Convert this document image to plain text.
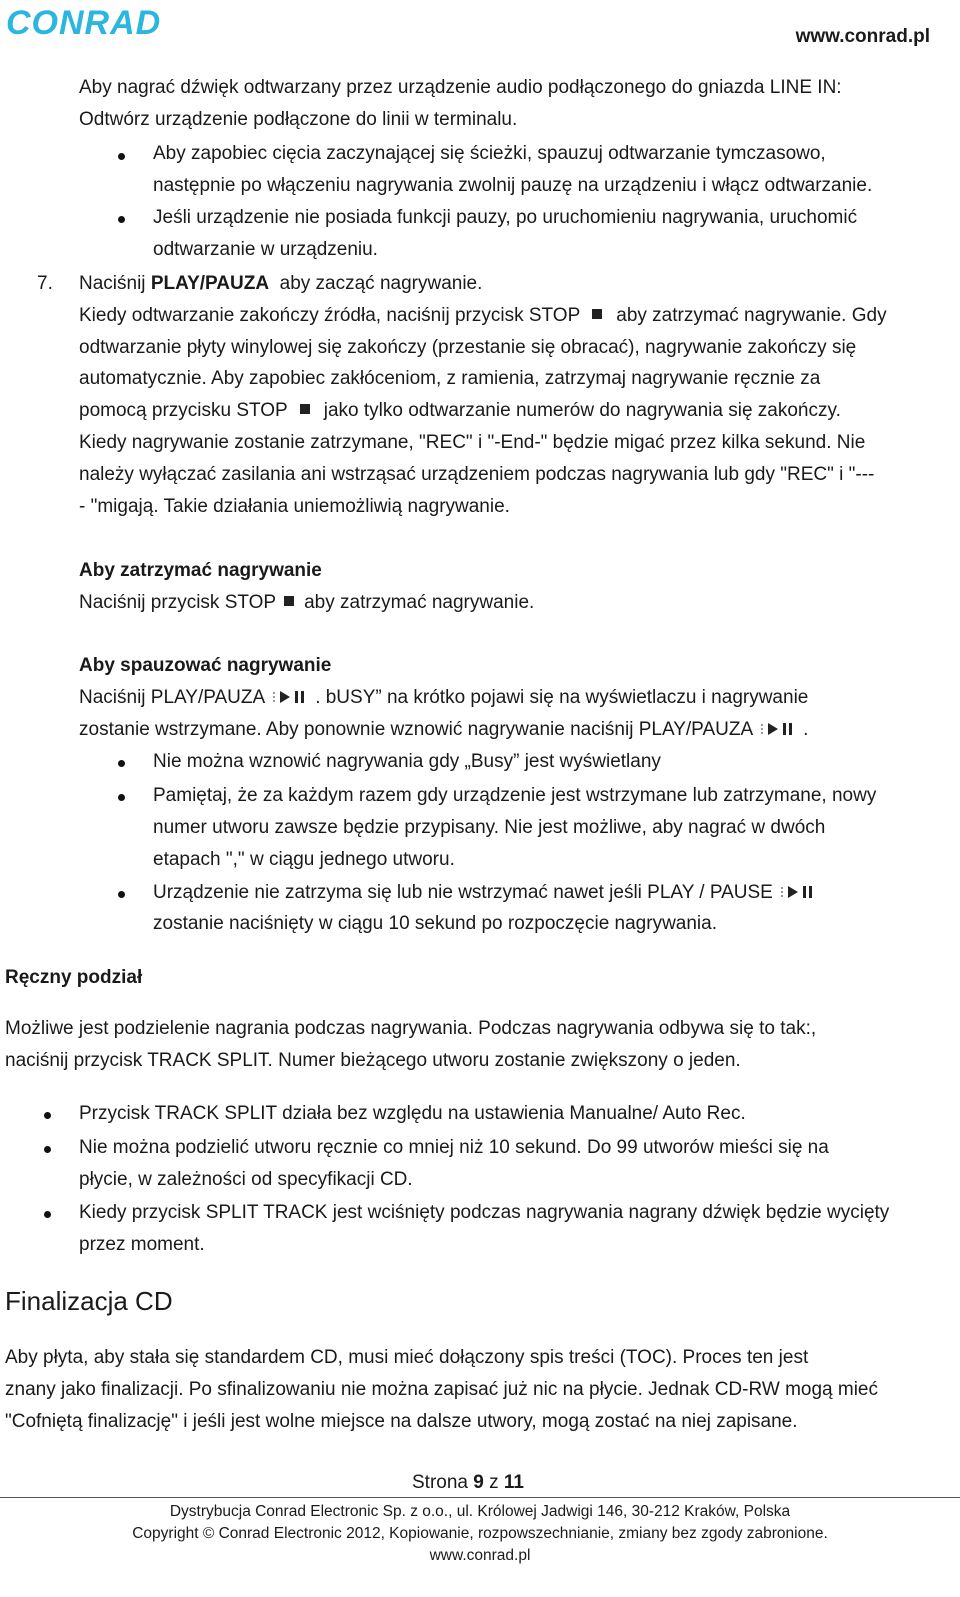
CONRAD	www.conrad.pl
Aby nagrać dźwięk odtwarzany przez urządzenie audio podłączonego do gniazda LINE IN:
Odtwórz urządzenie podłączone do linii w terminalu.
Aby zapobiec cięcia zaczynającej się ścieżki, spauzuj odtwarzanie tymczasowo,
następnie po włączeniu nagrywania zwolnij pauzę na urządzeniu i włącz odtwarzanie.
Jeśli urządzenie nie posiada funkcji pauzy, po uruchomieniu nagrywania, uruchomić
odtwarzanie w urządzeniu.
7. Naciśnij PLAY/PAUZA aby zacząć nagrywanie.
Kiedy odtwarzanie zakończy źródła, naciśnij przycisk STOP aby zatrzymać nagrywanie. Gdy
odtwarzanie płyty winylowej się zakończy (przestanie się obracać), nagrywanie zakończy się
automatycznie. Aby zapobiec zakłóceniom, z ramienia, zatrzymaj nagrywanie ręcznie za
pomocą przycisku STOP jako tylko odtwarzanie numerów do nagrywania się zakończy.
Kiedy nagrywanie zostanie zatrzymane, "REC" i "-End-" będzie migać przez kilka sekund. Nie
należy wyłączać zasilania ani wstrząsać urządzeniem podczas nagrywania lub gdy "REC" i "---
- "migają. Takie działania uniemożliwią nagrywanie.
Aby zatrzymać nagrywanie
Naciśnij przycisk STOP aby zatrzymać nagrywanie.
Aby spauzować nagrywanie
Naciśnij PLAY/PAUZA	. bUSY” na krótko pojawi się na wyświetlaczu i nagrywanie
zostanie wstrzymane. Aby ponownie wznowić nagrywanie naciśnij PLAY/PAUZA	.
Nie można wznowić nagrywania gdy „Busy” jest wyświetlany
Pamiętaj, że za każdym razem gdy urządzenie jest wstrzymane lub zatrzymane, nowy
numer utworu zawsze będzie przypisany. Nie jest możliwe, aby nagrać w dwóch
etapach "," w ciągu jednego utworu.
Urządzenie nie zatrzyma się lub nie wstrzymać nawet jeśli PLAY / PAUSE
zostanie naciśnięty w ciągu 10 sekund po rozpoczęcie nagrywania.
Ręczny podział
Możliwe jest podzielenie nagrania podczas nagrywania. Podczas nagrywania odbywa się to tak:,
naciśnij przycisk TRACK SPLIT. Numer bieżącego utworu zostanie zwiększony o jeden.
Przycisk TRACK SPLIT działa bez względu na ustawienia Manualne/ Auto Rec.
Nie można podzielić utworu ręcznie co mniej niż 10 sekund. Do 99 utworów mieści się na
płycie, w zależności od specyfikacji CD.
Kiedy przycisk SPLIT TRACK jest wciśnięty podczas nagrywania nagrany dźwięk będzie wycięty
przez moment.
Finalizacja CD
Aby płyta, aby stała się standardem CD, musi mieć dołączony spis treści (TOC). Proces ten jest
znany jako finalizacji. Po sfinalizowaniu nie można zapisać już nic na płycie. Jednak CD-RW mogą mieć
"Cofniętą finalizację" i jeśli jest wolne miejsce na dalsze utwory, mogą zostać na niej zapisane.
Strona 9 z 11
Dystrybucja Conrad Electronic Sp. z o.o., ul. Królowej Jadwigi 146, 30-212 Kraków, Polska
Copyright © Conrad Electronic 2012, Kopiowanie, rozpowszechnianie, zmiany bez zgody zabronione.
www.conrad.pl
